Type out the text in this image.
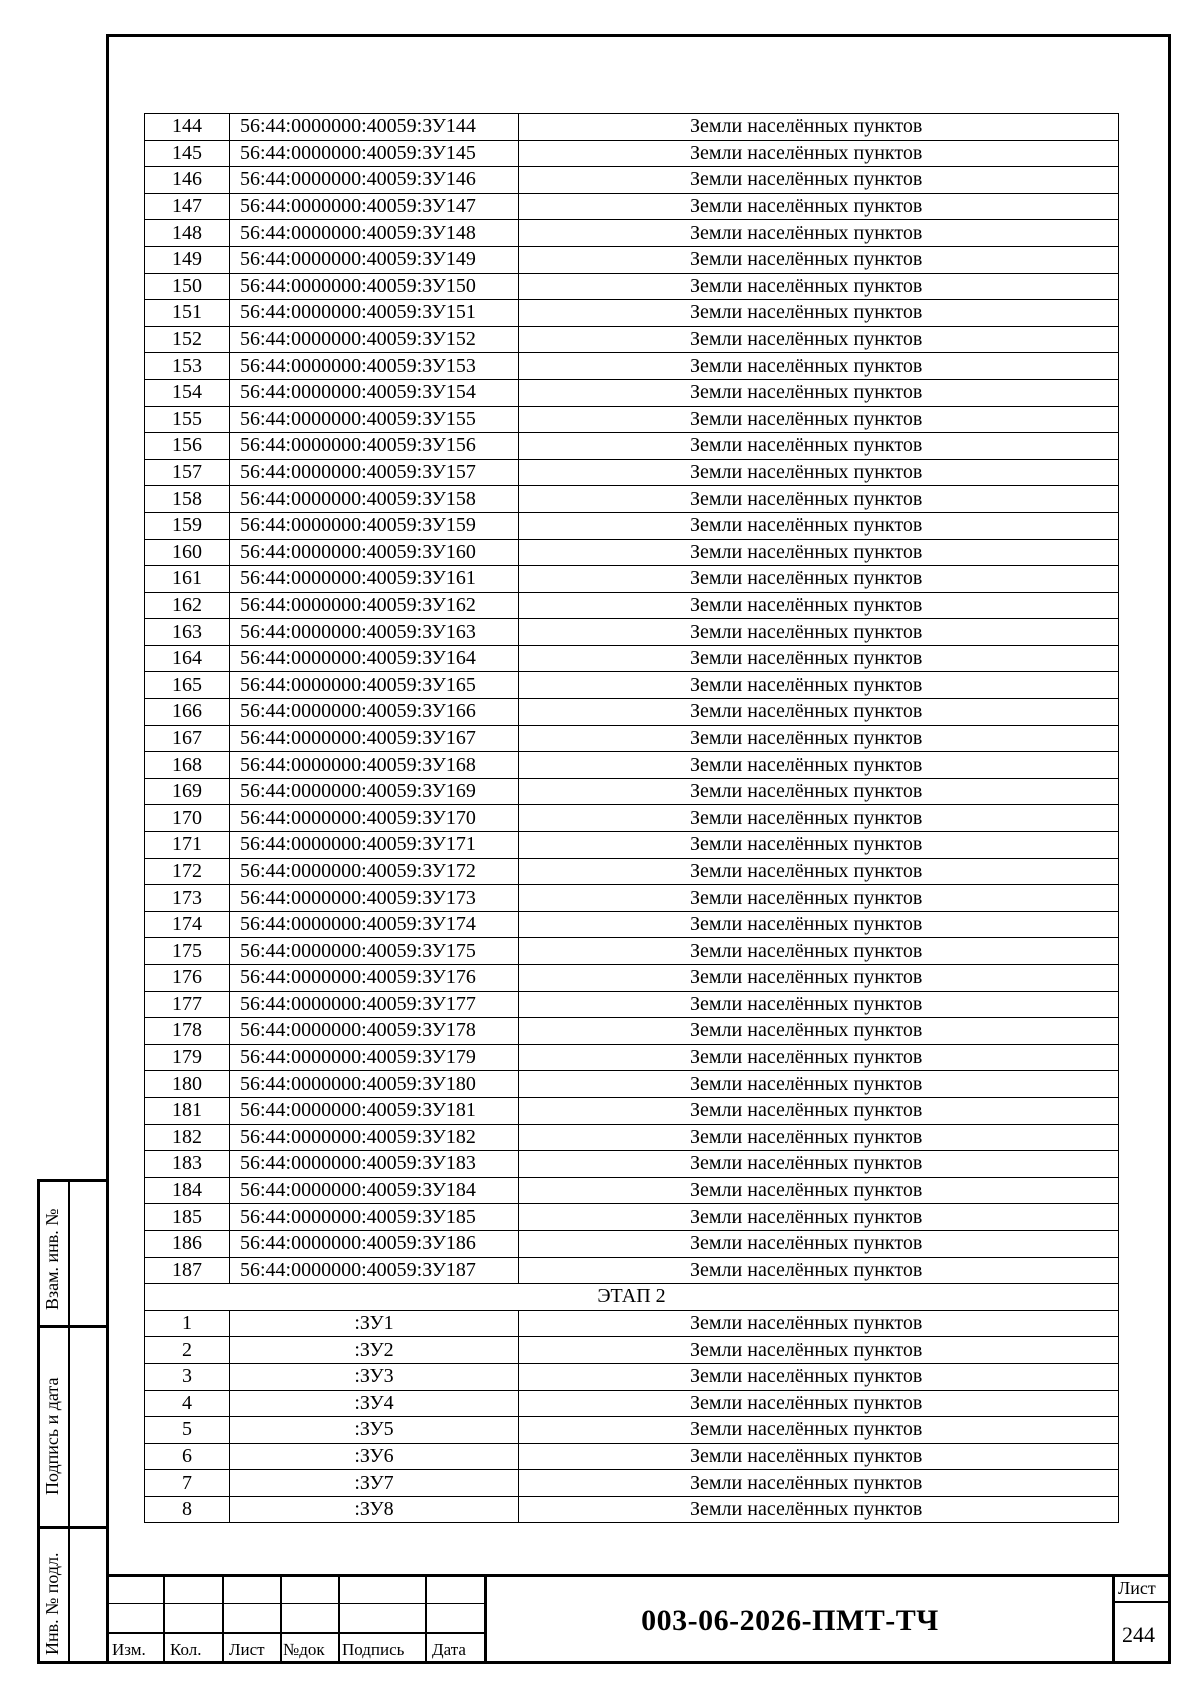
144	56:44:0000000:40059:ЗУ144	Земли населённых пунктов
145	56:44:0000000:40059:ЗУ145	Земли населённых пунктов
146	56:44:0000000:40059:ЗУ146	Земли населённых пунктов
147	56:44:0000000:40059:ЗУ147	Земли населённых пунктов
148	56:44:0000000:40059:ЗУ148	Земли населённых пунктов
149	56:44:0000000:40059:ЗУ149	Земли населённых пунктов
150	56:44:0000000:40059:ЗУ150	Земли населённых пунктов
151	56:44:0000000:40059:ЗУ151	Земли населённых пунктов
152	56:44:0000000:40059:ЗУ152	Земли населённых пунктов
153	56:44:0000000:40059:ЗУ153	Земли населённых пунктов
154	56:44:0000000:40059:ЗУ154	Земли населённых пунктов
155	56:44:0000000:40059:ЗУ155	Земли населённых пунктов
156	56:44:0000000:40059:ЗУ156	Земли населённых пунктов
157	56:44:0000000:40059:ЗУ157	Земли населённых пунктов
158	56:44:0000000:40059:ЗУ158	Земли населённых пунктов
159	56:44:0000000:40059:ЗУ159	Земли населённых пунктов
160	56:44:0000000:40059:ЗУ160	Земли населённых пунктов
161	56:44:0000000:40059:ЗУ161	Земли населённых пунктов
162	56:44:0000000:40059:ЗУ162	Земли населённых пунктов
163	56:44:0000000:40059:ЗУ163	Земли населённых пунктов
164	56:44:0000000:40059:ЗУ164	Земли населённых пунктов
165	56:44:0000000:40059:ЗУ165	Земли населённых пунктов
166	56:44:0000000:40059:ЗУ166	Земли населённых пунктов
167	56:44:0000000:40059:ЗУ167	Земли населённых пунктов
168	56:44:0000000:40059:ЗУ168	Земли населённых пунктов
169	56:44:0000000:40059:ЗУ169	Земли населённых пунктов
170	56:44:0000000:40059:ЗУ170	Земли населённых пунктов
171	56:44:0000000:40059:ЗУ171	Земли населённых пунктов
172	56:44:0000000:40059:ЗУ172	Земли населённых пунктов
173	56:44:0000000:40059:ЗУ173	Земли населённых пунктов
174	56:44:0000000:40059:ЗУ174	Земли населённых пунктов
175	56:44:0000000:40059:ЗУ175	Земли населённых пунктов
176	56:44:0000000:40059:ЗУ176	Земли населённых пунктов
177	56:44:0000000:40059:ЗУ177	Земли населённых пунктов
178	56:44:0000000:40059:ЗУ178	Земли населённых пунктов
179	56:44:0000000:40059:ЗУ179	Земли населённых пунктов
180	56:44:0000000:40059:ЗУ180	Земли населённых пунктов
181	56:44:0000000:40059:ЗУ181	Земли населённых пунктов
182	56:44:0000000:40059:ЗУ182	Земли населённых пунктов
183	56:44:0000000:40059:ЗУ183	Земли населённых пунктов
184	56:44:0000000:40059:ЗУ184	Земли населённых пунктов
185	56:44:0000000:40059:ЗУ185	Земли населённых пунктов
186	56:44:0000000:40059:ЗУ186	Земли населённых пунктов
187	56:44:0000000:40059:ЗУ187	Земли населённых пунктов
ЭТАП 2		
1	:ЗУ1	Земли населённых пунктов
2	:ЗУ2	Земли населённых пунктов
3	:ЗУ3	Земли населённых пунктов
4	:ЗУ4	Земли населённых пунктов
5	:ЗУ5	Земли населённых пунктов
6	:ЗУ6	Земли населённых пунктов
7	:ЗУ7	Земли населённых пунктов
8	:ЗУ8	Земли населённых пунктов
Взам. инв. №
Подпись и дата
Инв. № подл.	Изм. Кол. Лист №док Подпись Дата
003-06-2026-ПМТ-ТЧ
Лист
244
